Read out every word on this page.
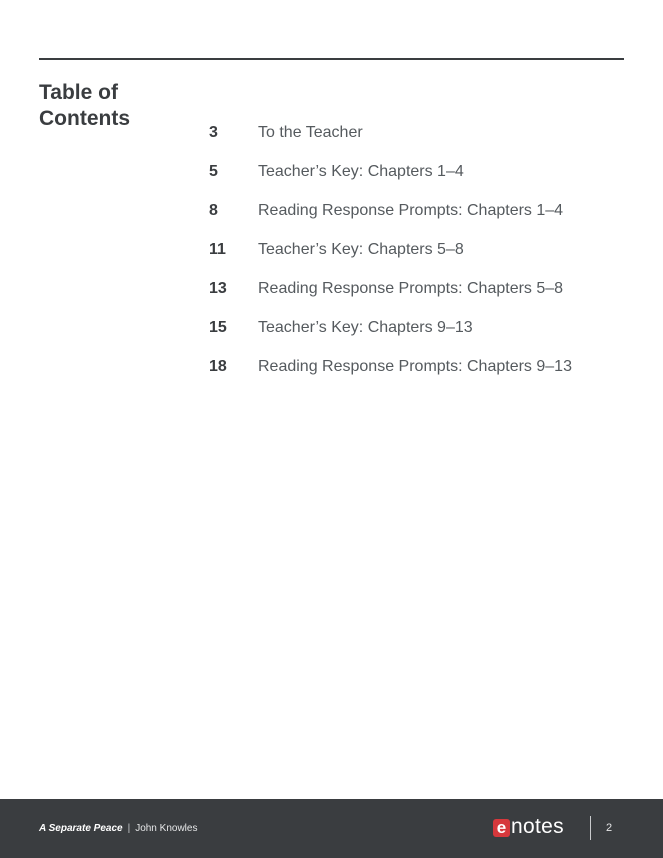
Table of Contents
3	To the Teacher
5	Teacher’s Key: Chapters 1–4
8	Reading Response Prompts: Chapters 1–4
11 Teacher’s Key: Chapters 5–8
13 Reading Response Prompts: Chapters 5–8
15 Teacher’s Key: Chapters 9–13
18 Reading Response Prompts: Chapters 9–13
A Separate Peace | John Knowles	e notes	2
